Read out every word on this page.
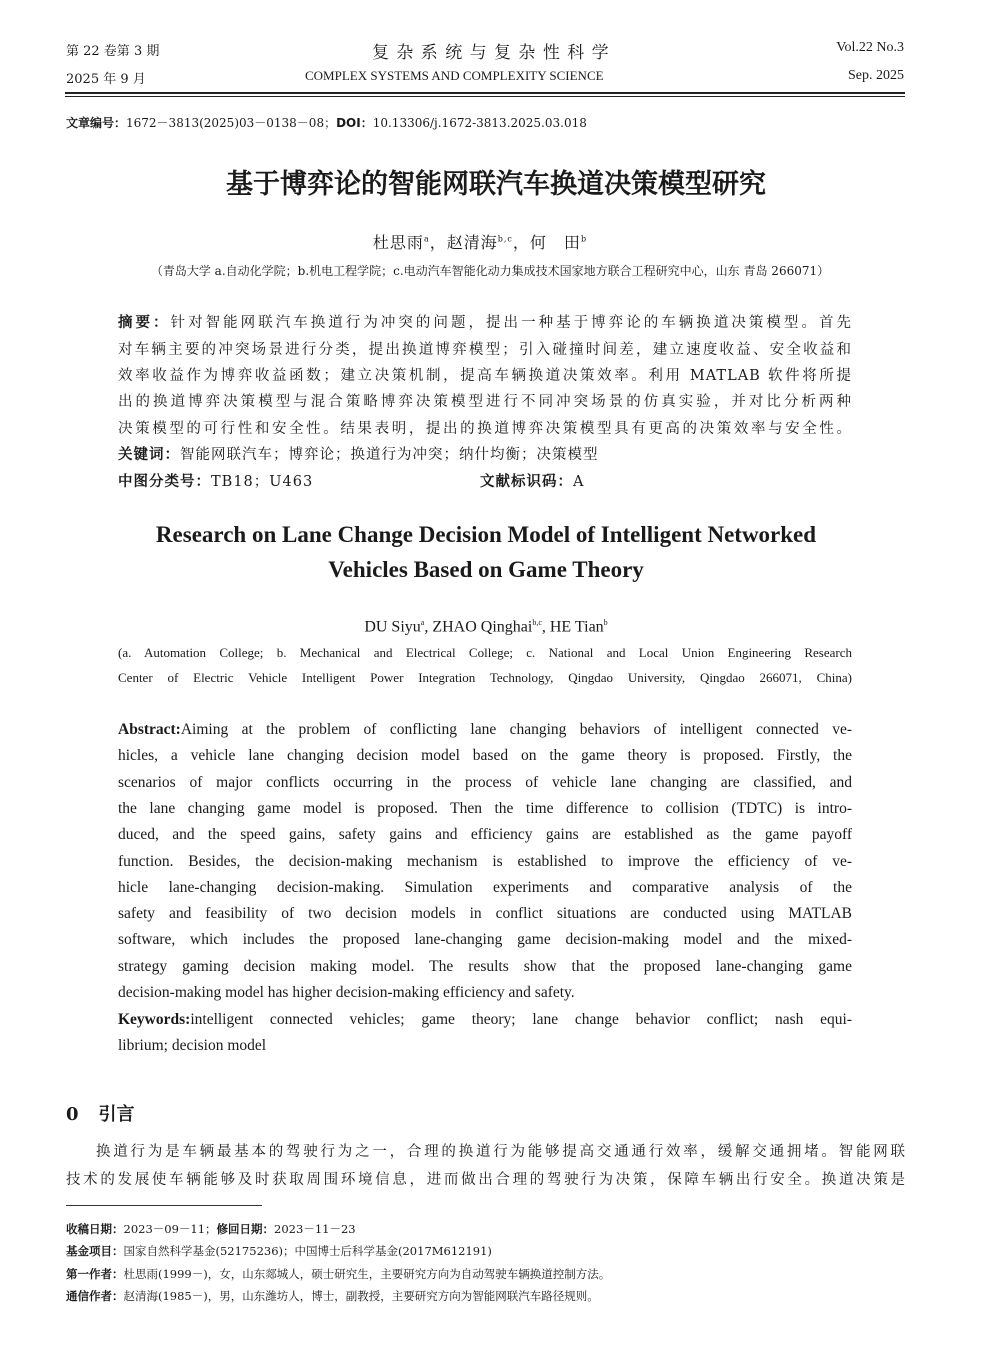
第 22 卷第 3 期
2025 年 9 月
复 杂 系 统 与 复 杂 性 科 学
COMPLEX SYSTEMS AND COMPLEXITY SCIENCE
Vol.22 No.3
Sep. 2025
文章编号：1672－3813(2025)03－0138－08；DOI：10.13306/j.1672-3813.2025.03.018
基于博弈论的智能网联汽车换道决策模型研究
杜思雨$^a$，赵清海$^{b,c}$，何　田$^b$
（青岛大学 a.自动化学院；b.机电工程学院；c.电动汽车智能化动力集成技术国家地方联合工程研究中心，山东 青岛 266071）
摘要：针对智能网联汽车换道行为冲突的问题，提出一种基于博弈论的车辆换道决策模型。首先
对车辆主要的冲突场景进行分类，提出换道博弈模型；引入碰撞时间差，建立速度收益、安全收益和
效率收益作为博弈收益函数；建立决策机制，提高车辆换道决策效率。利用 MATLAB 软件将所提
出的换道博弈决策模型与混合策略博弈决策模型进行不同冲突场景的仿真实验，并对比分析两种
决策模型的可行性和安全性。结果表明，提出的换道博弈决策模型具有更高的决策效率与安全性。
关键词：智能网联汽车；博弈论；换道行为冲突；纳什均衡；决策模型
中图分类号：TB18；U463	文献标识码：A
Research on Lane Change Decision Model of Intelligent Networked
Vehicles Based on Game Theory
DU Siyu$^a$, ZHAO Qinghai$^{b,c}$, HE Tian$^b$
(a. Automation College; b. Mechanical and Electrical College; c. National and Local Union Engineering Research
Center of Electric Vehicle Intelligent Power Integration Technology, Qingdao University, Qingdao 266071, China)
Abstract:Aiming at the problem of conflicting lane changing behaviors of intelligent connected ve-
hicles, a vehicle lane changing decision model based on the game theory is proposed. Firstly, the
scenarios of major conflicts occurring in the process of vehicle lane changing are classified, and
the lane changing game model is proposed. Then the time difference to collision (TDTC) is intro-
duced, and the speed gains, safety gains and efficiency gains are established as the game payoff
function. Besides, the decision-making mechanism is established to improve the efficiency of ve-
hicle lane-changing decision-making. Simulation experiments and comparative analysis of the
safety and feasibility of two decision models in conflict situations are conducted using MATLAB
software, which includes the proposed lane-changing game decision-making model and the mixed-
strategy gaming decision making model. The results show that the proposed lane-changing game
decision-making model has higher decision-making efficiency and safety.
Keywords:intelligent connected vehicles; game theory; lane change behavior conflict; nash equi-
librium; decision model
0 引言
换道行为是车辆最基本的驾驶行为之一，合理的换道行为能够提高交通通行效率，缓解交通拥堵。智能网联
技术的发展使车辆能够及时获取周围环境信息，进而做出合理的驾驶行为决策，保障车辆出行安全。换道决策是
收稿日期：2023－09－11；修回日期：2023－11－23
基金项目：国家自然科学基金(52175236)；中国博士后科学基金(2017M612191)
第一作者：杜思雨(1999－)，女，山东郯城人，硕士研究生，主要研究方向为自动驾驶车辆换道控制方法。
通信作者：赵清海(1985－)，男，山东潍坊人，博士，副教授，主要研究方向为智能网联汽车路径规则。
